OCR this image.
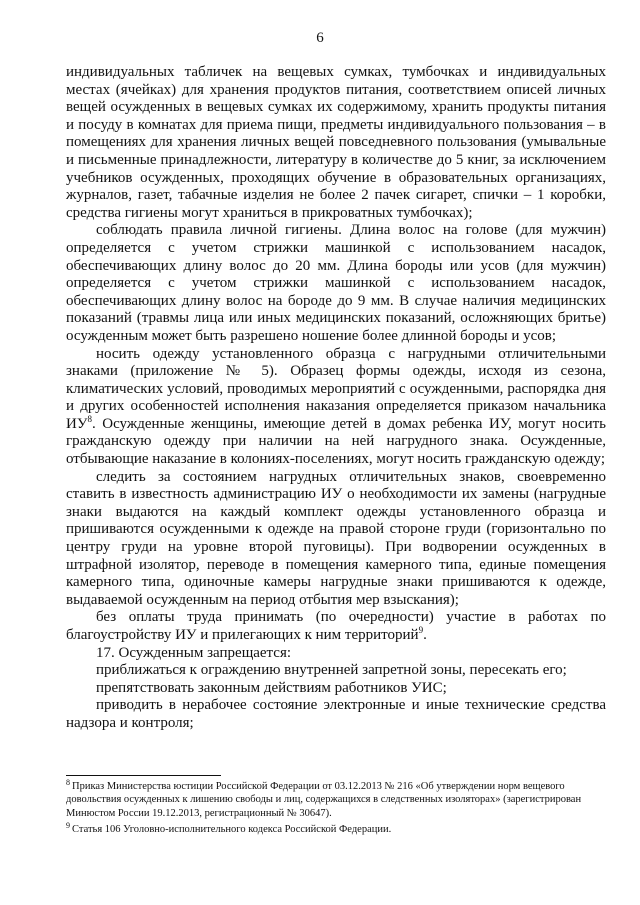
6

индивидуальных табличек на вещевых сумках, тумбочках и индивидуальных местах (ячейках) для хранения продуктов питания, соответствием описей личных вещей осужденных в вещевых сумках их содержимому, хранить продукты питания и посуду в комнатах для приема пищи, предметы индивидуального пользования – в помещениях для хранения личных вещей повседневного пользования (умывальные и письменные принадлежности, литературу в количестве до 5 книг, за исключением учебников осужденных, проходящих обучение в образовательных организациях, журналов, газет, табачные изделия не более 2 пачек сигарет, спички – 1 коробки, средства гигиены могут храниться в прикроватных тумбочках);

соблюдать правила личной гигиены. Длина волос на голове (для мужчин) определяется с учетом стрижки машинкой с использованием насадок, обеспечивающих длину волос до 20 мм. Длина бороды или усов (для мужчин) определяется с учетом стрижки машинкой с использованием насадок, обеспечивающих длину волос на бороде до 9 мм. В случае наличия медицинских показаний (травмы лица или иных медицинских показаний, осложняющих бритье) осужденным может быть разрешено ношение более длинной бороды и усов;

носить одежду установленного образца с нагрудными отличительными знаками (приложение № 5). Образец формы одежды, исходя из сезона, климатических условий, проводимых мероприятий с осужденными, распорядка дня и других особенностей исполнения наказания определяется приказом начальника $ИУ^8$. Осужденные женщины, имеющие детей в домах ребенка ИУ, могут носить гражданскую одежду при наличии на ней нагрудного знака. Осужденные, отбывающие наказание в колониях-поселениях, могут носить гражданскую одежду;

следить за состоянием нагрудных отличительных знаков, своевременно ставить в известность администрацию ИУ о необходимости их замены (нагрудные знаки выдаются на каждый комплект одежды установленного образца и пришиваются осужденными к одежде на правой стороне груди (горизонтально по центру груди на уровне второй пуговицы). При водворении осужденных в штрафной изолятор, переводе в помещения камерного типа, единые помещения камерного типа, одиночные камеры нагрудные знаки пришиваются к одежде, выдаваемой осужденным на период отбытия мер взыскания);

без оплаты труда принимать (по очередности) участие в работах по благоустройству ИУ и прилегающих к ним территорий$^9$.

17. Осужденным запрещается:

приближаться к ограждению внутренней запретной зоны, пересекать его;

препятствовать законным действиям работников УИС;

приводить в нерабочее состояние электронные и иные технические средства надзора и контроля;

$^8$ Приказ Министерства юстиции Российской Федерации от 03.12.2013 № 216 «Об утверждении норм вещевого довольствия осужденных к лишению свободы и лиц, содержащихся в следственных изоляторах» (зарегистрирован Минюстом России 19.12.2013, регистрационный № 30647).

$^9$ Статья 106 Уголовно-исполнительного кодекса Российской Федерации.
